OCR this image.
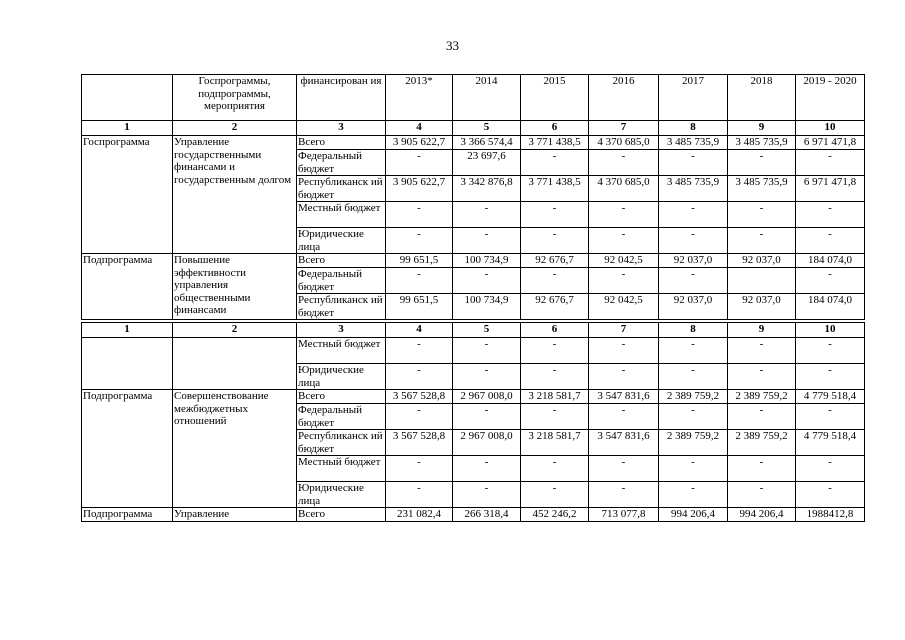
33
	Госпрограммы, подпрограммы, мероприятия	финансирован ия	2013*	2014	2015	2016	2017	2018	2019 - 2020
1	2	3	4	5	6	7	8	9	10
Госпрограмма	Управление государственными финансами и государственным долгом	Всего	3 905 622,7	3 366 574,4	3 771 438,5	4 370 685,0	3 485 735,9	3 485 735,9	6 971 471,8
		Федеральный бюджет	-	23 697,6	-	-	-	-	-
		Республиканск ий бюджет	3 905 622,7	3 342 876,8	3 771 438,5	4 370 685,0	3 485 735,9	3 485 735,9	6 971 471,8
		Местный бюджет	-	-	-	-	-	-	-
		Юридические лица	-	-	-	-	-	-	-
Подпрограмма	Повышение эффективности управления общественными финансами	Всего	99 651,5	100 734,9	92 676,7	92 042,5	92 037,0	92 037,0	184 074,0
		Федеральный бюджет	-	-	-	-	-		-
		Республиканск ий бюджет	99 651,5	100 734,9	92 676,7	92 042,5	92 037,0	92 037,0	184 074,0

1	2	3	4	5	6	7	8	9	10
		Местный бюджет	-	-	-	-	-	-	-
		Юридические лица	-	-	-	-	-	-	-
Подпрограмма	Совершенствование межбюджетных отношений	Всего	3 567 528,8	2 967 008,0	3 218 581,7	3 547 831,6	2 389 759,2	2 389 759,2	4 779 518,4
		Федеральный бюджет	-	-	-	-	-	-	-
		Республиканск ий бюджет	3 567 528,8	2 967 008,0	3 218 581,7	3 547 831,6	2 389 759,2	2 389 759,2	4 779 518,4
		Местный бюджет	-	-	-	-	-	-	-
		Юридические лица	-	-	-	-	-	-	-
Подпрограмма	Управление	Всего	231 082,4	266 318,4	452 246,2	713 077,8	994 206,4	994 206,4	1988412,8
